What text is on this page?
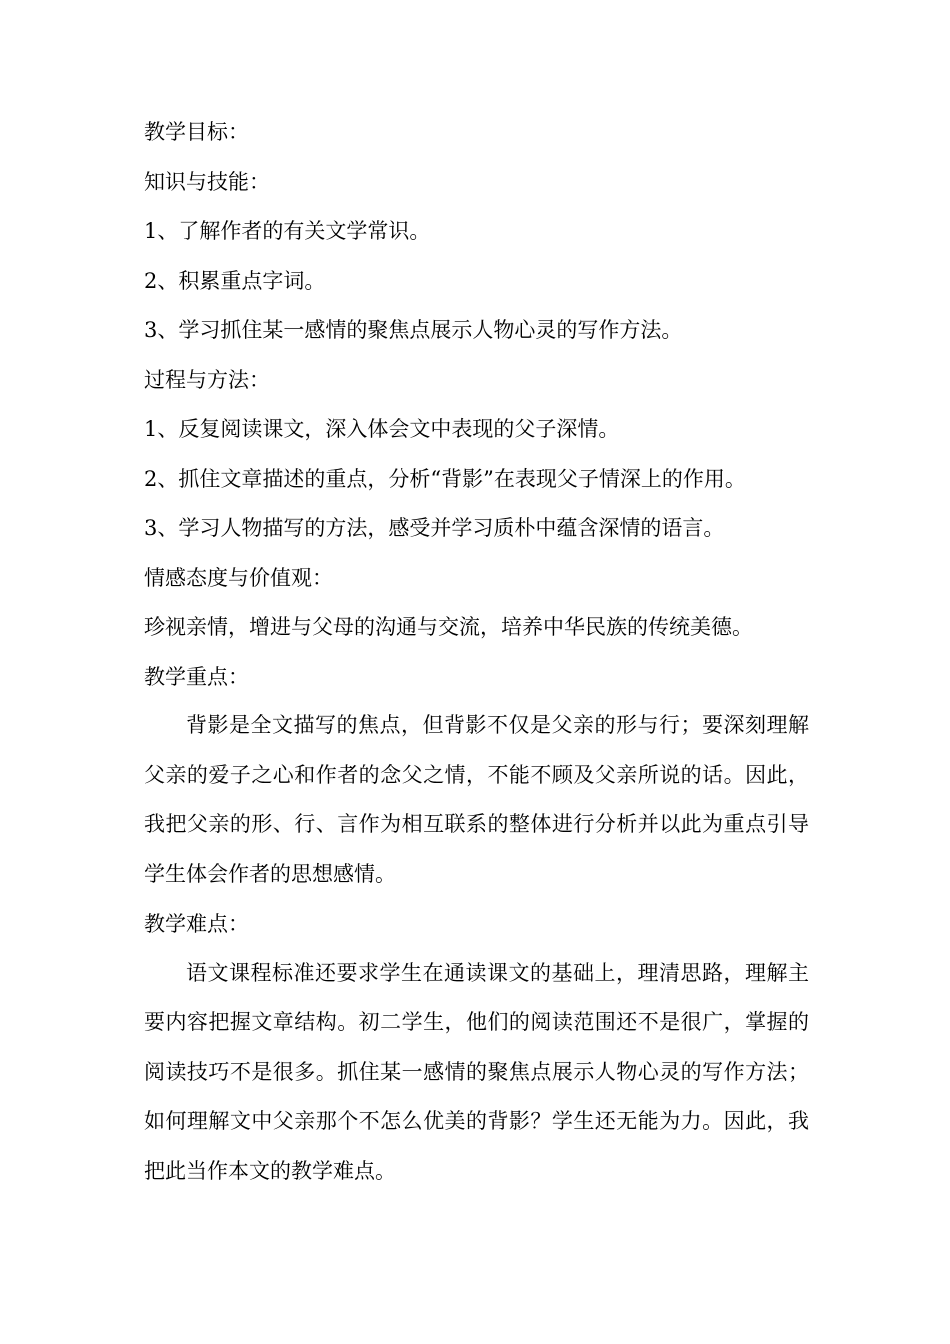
教学目标：
知识与技能：
1、了解作者的有关文学常识。
2、积累重点字词。
3、学习抓住某一感情的聚焦点展示人物心灵的写作方法。
过程与方法：
1、反复阅读课文，深入体会文中表现的父子深情。
2、抓住文章描述的重点，分析“背影”在表现父子情深上的作用。
3、学习人物描写的方法，感受并学习质朴中蕴含深情的语言。
情感态度与价值观：
珍视亲情，增进与父母的沟通与交流，培养中华民族的传统美德。
教学重点：
背影是全文描写的焦点，但背影不仅是父亲的形与行；要深刻理解父亲的爱子之心和作者的念父之情，不能不顾及父亲所说的话。因此，我把父亲的形、行、言作为相互联系的整体进行分析并以此为重点引导学生体会作者的思想感情。
教学难点：
语文课程标准还要求学生在通读课文的基础上，理清思路，理解主要内容把握文章结构。初二学生，他们的阅读范围还不是很广，掌握的阅读技巧不是很多。抓住某一感情的聚焦点展示人物心灵的写作方法；如何理解文中父亲那个不怎么优美的背影？学生还无能为力。因此，我把此当作本文的教学难点。
